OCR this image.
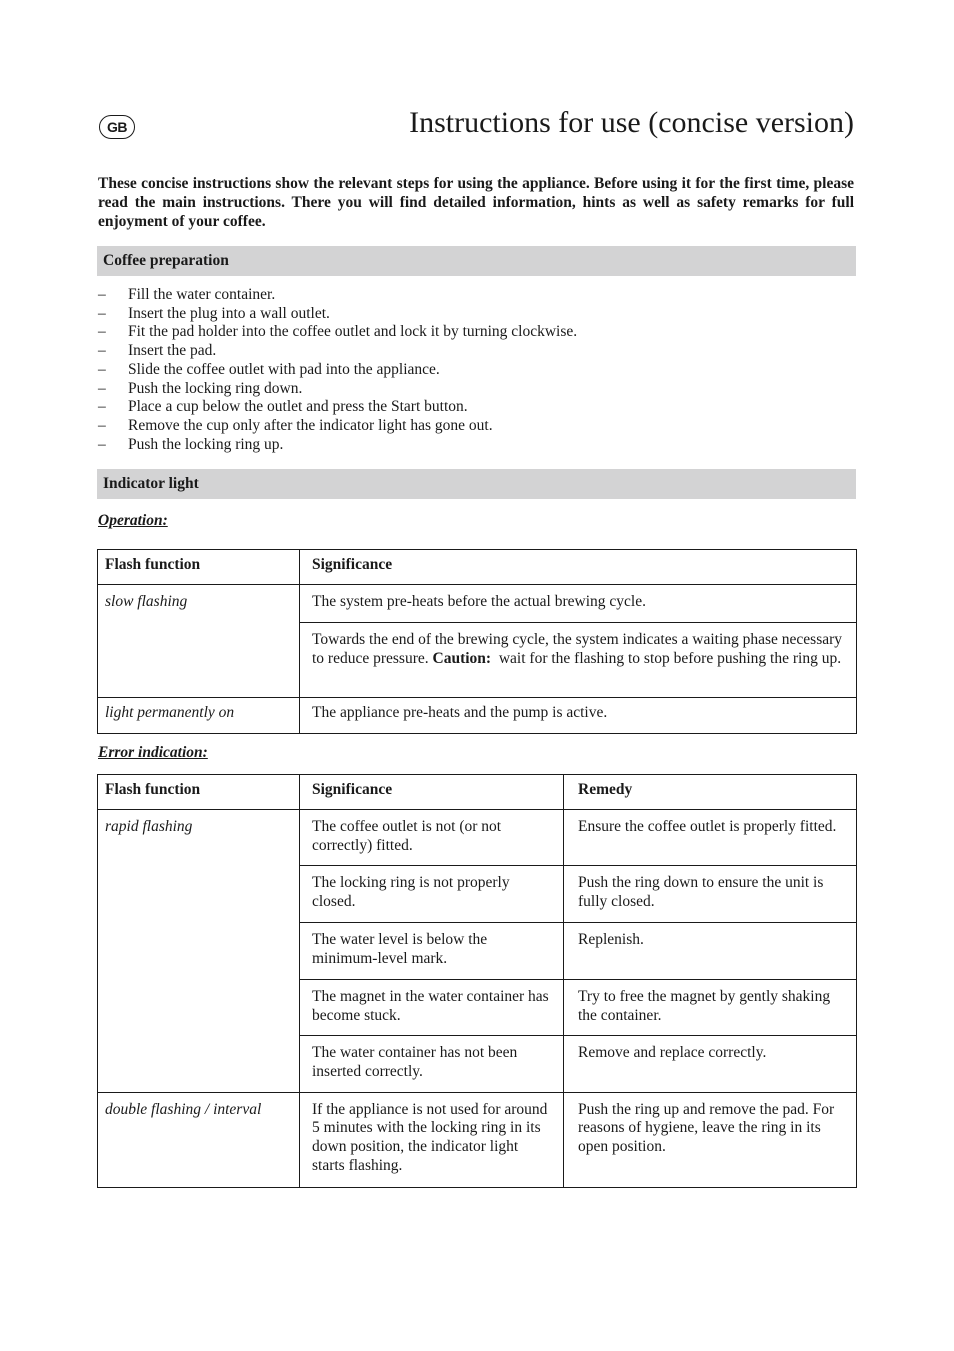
GB	Instructions for use (concise version)

These concise instructions show the relevant steps for using the appliance. Before using it for the first time, please read the main instructions. There you will find detailed information, hints as well as safety remarks for full enjoyment of your coffee.

Coffee preparation
– Fill the water container.
– Insert the plug into a wall outlet.
– Fit the pad holder into the coffee outlet and lock it by turning clockwise.
– Insert the pad.
– Slide the coffee outlet with pad into the appliance.
– Push the locking ring down.
– Place a cup below the outlet and press the Start button.
– Remove the cup only after the indicator light has gone out.
– Push the locking ring up.
Indicator light
Operation:
Flash function	Significance
slow flashing	The system pre-heats before the actual brewing cycle.
	Towards the end of the brewing cycle, the system indicates a waiting phase necessary to reduce pressure. Caution: wait for the flashing to stop before pushing the ring up.
light permanently on	The appliance pre-heats and the pump is active.
Error indication:
Flash function	Significance	Remedy
rapid flashing	The coffee outlet is not (or not correctly) fitted.	Ensure the coffee outlet is properly fitted.
	The locking ring is not properly closed.	Push the ring down to ensure the unit is fully closed.
	The water level is below the minimum-level mark.	Replenish.
	The magnet in the water container has become stuck.	Try to free the magnet by gently shaking the container.
	The water container has not been inserted correctly.	Remove and replace correctly.
double flashing / interval	If the appliance is not used for around 5 minutes with the locking ring in its down position, the indicator light starts flashing.	Push the ring up and remove the pad. For reasons of hygiene, leave the ring in its open position.
